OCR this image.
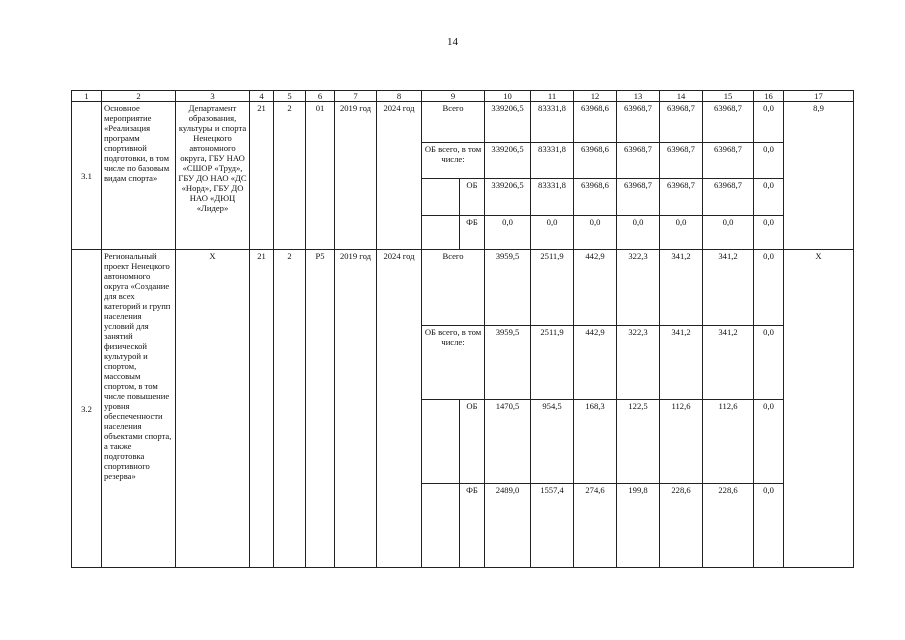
14
1	2	3	4	5	6	7	8	9		10	11	12	13	14	15	16	17
3.1	Основное мероприятие «Реализация программ спортивной подготовки, в том числе по базовым видам спорта»	Департамент образования, культуры и спорта Ненецкого автономного округа, ГБУ НАО «СШОР «Труд», ГБУ ДО НАО «ДС «Норд», ГБУ ДО НАО «ДЮЦ «Лидер»	21	2	01	2019 год	2024 год	Всего		339206,5	83331,8	63968,6	63968,7	63968,7	63968,7	0,0	8,9
								ОБ всего, в том числе:		339206,5	83331,8	63968,6	63968,7	63968,7	63968,7	0,0	
									ОБ	339206,5	83331,8	63968,6	63968,7	63968,7	63968,7	0,0	
									ФБ	0,0	0,0	0,0	0,0	0,0	0,0	0,0	
3.2	Региональный проект Ненецкого автономного округа «Создание для всех категорий и групп населения условий для занятий физической культурой и спортом, массовым спортом, в том числе повышение уровня обеспеченности населения объектами спорта, а также подготовка спортивного резерва»	Х	21	2	Р5	2019 год	2024 год	Всего		3959,5	2511,9	442,9	322,3	341,2	341,2	0,0	Х
								ОБ всего, в том числе:		3959,5	2511,9	442,9	322,3	341,2	341,2	0,0	
									ОБ	1470,5	954,5	168,3	122,5	112,6	112,6	0,0	
									ФБ	2489,0	1557,4	274,6	199,8	228,6	228,6	0,0	
